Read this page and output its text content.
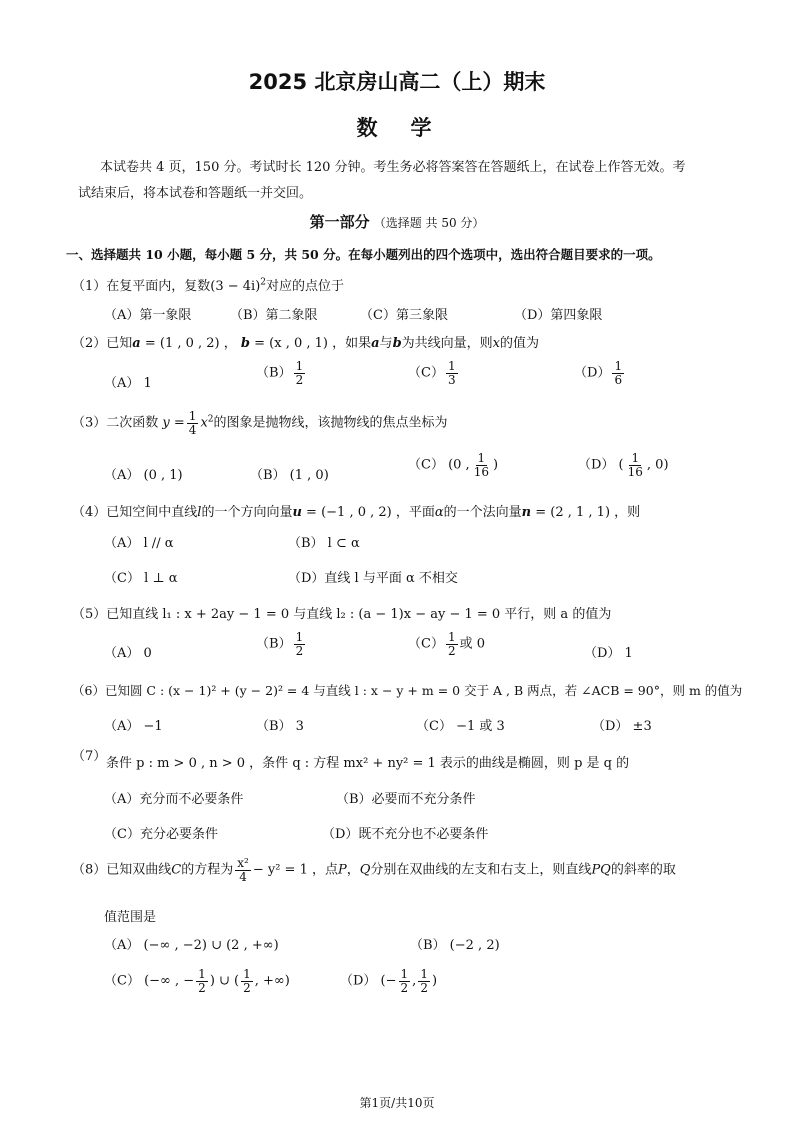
2025 北京房山高二（上）期末
数　学
本试卷共 4 页，150 分。考试时长 120 分钟。考生务必将答案答在答题纸上，在试卷上作答无效。考
试结束后，将本试卷和答题纸一并交回。
第一部分 （选择题 共 50 分）
一、选择题共 10 小题，每小题 5 分，共 50 分。在每小题列出的四个选项中，选出符合题目要求的一项。
（1）在复平面内，复数$(3 - 4i)^2$对应的点位于
（A）第一象限	（B）第二象限	（C）第三象限	（D）第四象限
（2）已知a = (1 , 0 , 2) ， b = (x , 0 , 1) ，如果a与b为共线向量，则x的值为
（A） 1
$(B) \frac{1}{2}$	$(C) \frac{1}{3}$	$(D) \frac{1}{6}$
（3）二次函数 $y = \frac{1}{4} x^2$的图象是抛物线，该抛物线的焦点坐标为
（A） (0 , 1)	（B） (1 , 0)
（C） (0 , $\frac{1}{16}$ )	（D） ( $\frac{1}{16}$ , 0)
（4）已知空间中直线l的一个方向向量u = (−1 , 0 , 2) ，平面α的一个法向量n = (2 , 1 , 1) ，则
（A） l // α	（B） l ⊂ α
（C） l ⊥ α	（D）直线 l 与平面 α 不相交
（5）已知直线 l₁ : x + 2ay − 1 = 0 与直线 l₂ : (a − 1)x − ay − 1 = 0 平行，则 a 的值为
（A） 0
$(B) \frac{1}{2}$	$(C) \frac{1}{2}$ 或 0
（D） 1
（6）已知圆 C : (x − 1)² + (y − 2)² = 4 与直线 l : x − y + m = 0 交于 A , B 两点，若 ∠ACB = 90°，则 m 的值为
（A） −1	（B） 3	（C） −1 或 3	（D） ±3
（7） 条件 p : m > 0 , n > 0 ，条件 q : 方程 mx² + ny² = 1 表示的曲线是椭圆，则 p 是 q 的
（A）充分而不必要条件	（B）必要而不充分条件
（C）充分必要条件	（D）既不充分也不必要条件
（8）已知双曲线C的方程为 $\frac{\text{x²}}{4} - y^2 = 1$ ，点P，Q分别在双曲线的左支和右支上，则直线PQ的斜率的取
值范围是
（A） (−∞ , −2) ∪ (2 , +∞)	（B） (−2 , 2)
（C） (−∞ , − $\frac{1}{2}$ ) ∪ ( $\frac{1}{2}$ , +∞)	（D） (− $\frac{1}{2}$ , $\frac{1}{2}$ )
第1页/共10页
